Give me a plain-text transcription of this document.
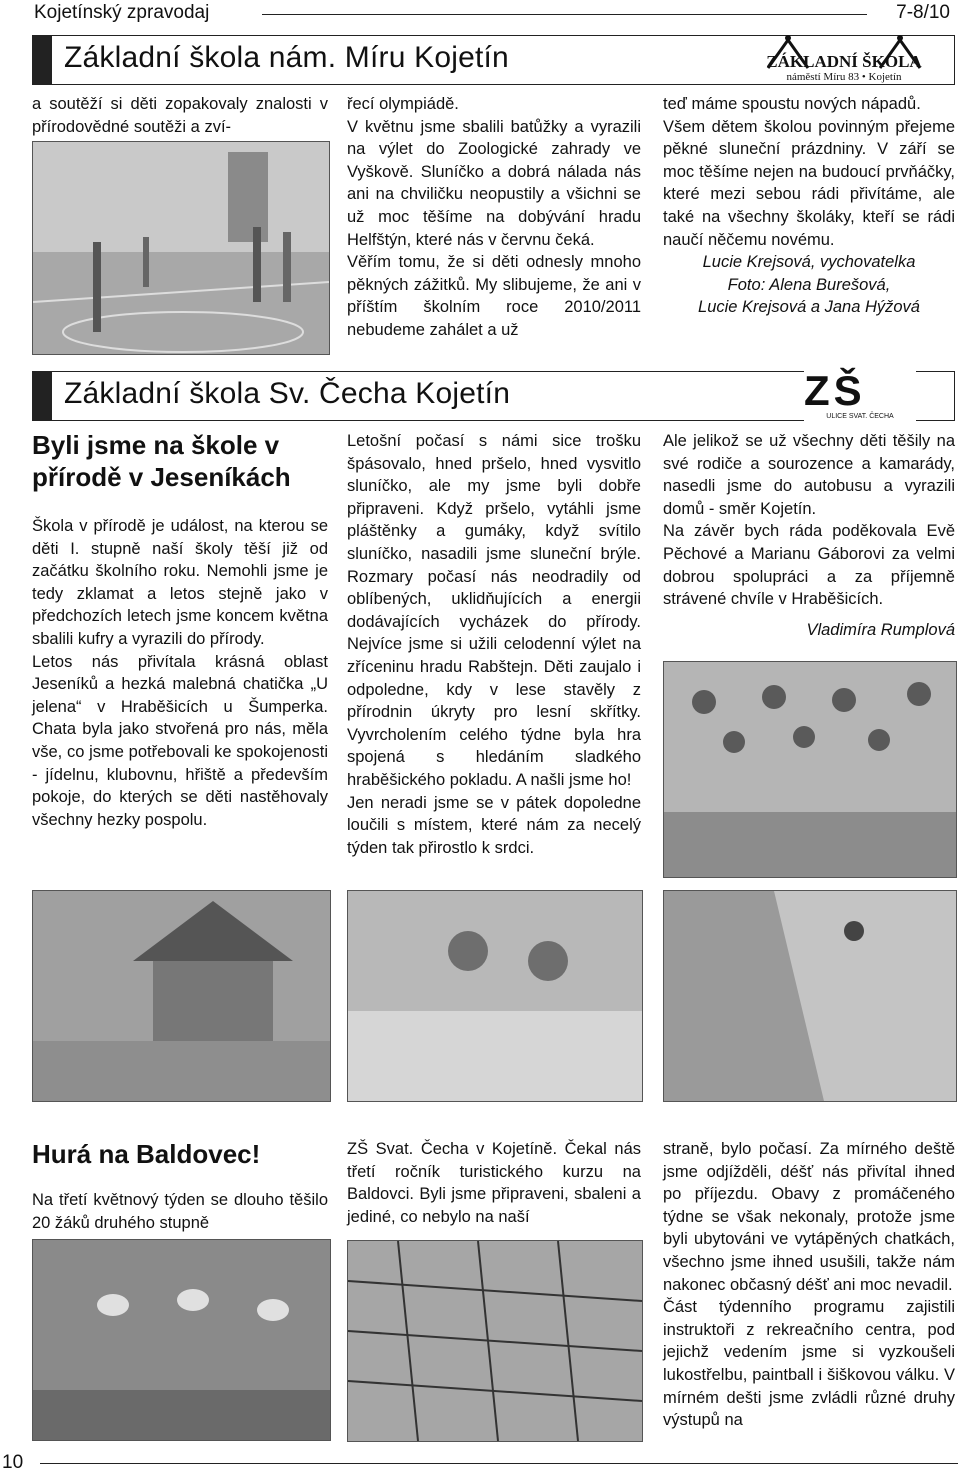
Kojetínský zpravodaj	7-8/10
Základní škola nám. Míru Kojetín	ZÁKLADNÍ ŠKOLA
náměstí Míru 83 • Kojetín

a soutěží si děti zopakovaly znalosti v přírodovědné soutěži a zví-

řecí olympiádě.

V květnu jsme sbalili batůžky a vyrazili na výlet do Zoologické zahrady ve Vyškově. Sluníčko a dobrá nálada nás ani na chviličku neopustily a všichni se už moc těšíme na dobývání hradu Helfštýn, které nás v červnu čeká.

Věřím tomu, že si děti odnesly mnoho pěkných zážitků. My slibujeme, že ani v příštím školním roce 2010/2011 nebudeme zahálet a už

teď máme spoustu nových nápadů.

Všem dětem školou povinným přejeme pěkné sluneční prázdniny. V září se moc těšíme nejen na budoucí prvňáčky, které mezi sebou rádi přivítáme, ale také na všechny školáky, kteří se rádi naučí něčemu novému.

Lucie Krejsová, vychovatelka

Foto: Alena Burešová,

Lucie Krejsová a Jana Hýžová

Základní škola Sv. Čecha Kojetín	ZŠ
ULICE SVAT. ČECHA
Byli jsme na škole v přírodě v Jeseníkách

Škola v přírodě je událost, na kterou se děti I. stupně naší školy těší již od začátku školního roku. Nemohli jsme je tedy zklamat a letos stejně jako v předchozích letech jsme koncem května sbalili kufry a vyrazili do přírody.

Letos nás přivítala krásná oblast Jeseníků a hezká malebná chatička „U jelena“ v Hraběšicích u Šumperka. Chata byla jako stvořená pro nás, měla vše, co jsme potřebovali ke spokojenosti - jídelnu, klubovnu, hřiště a především pokoje, do kterých se děti nastěhovaly všechny hezky pospolu.

Letošní počasí s námi sice trošku špásovalo, hned pršelo, hned vysvitlo sluníčko, ale my jsme byli dobře připraveni. Když pršelo, vytáhli jsme pláštěnky a gumáky, když svítilo sluníčko, nasadili jsme sluneční brýle. Rozmary počasí nás neodradily od oblíbených, uklidňujících a energii dodávajících vycházek do přírody. Nejvíce jsme si užili celodenní výlet na zříceninu hradu Rabštejn. Děti zaujalo i odpoledne, kdy v lese stavěly z přírodnin úkryty pro lesní skřítky. Vyvrcholením celého týdne byla hra spojená s hledáním sladkého hraběšického pokladu. A našli jsme ho!

Jen neradi jsme se v pátek dopoledne loučili s místem, které nám za necelý týden tak přirostlo k srdci.

Ale jelikož se už všechny děti těšily na své rodiče a sourozence a kamarády, nasedli jsme do autobusu a vyrazili domů - směr Kojetín.

Na závěr bych ráda poděkovala Evě Pěchové a Marianu Gáborovi za velmi dobrou spolupráci a za příjemně strávené chvíle v Hraběšicích.

Vladimíra Rumplová

Hurá na Baldovec!

Na třetí květnový týden se dlouho těšilo 20 žáků druhého stupně

ZŠ Svat. Čecha v Kojetíně. Čekal nás třetí ročník turistického kurzu na Baldovci. Byli jsme připraveni, sbaleni a jediné, co nebylo na naší

straně, bylo počasí. Za mírného deště jsme odjížděli, déšť nás přivítal ihned po příjezdu. Obavy z promáčeného týdne se však nekonaly, protože jsme byli ubytováni ve vytápěných chatkách, všechno jsme ihned usušili, takže nám nakonec občasný déšť ani moc nevadil.

Část týdenního programu zajistili instruktoři z rekreačního centra, pod jejichž vedením jsme si vyzkoušeli lukostřelbu, paintball i šiškovou válku. V mírném dešti jsme zvládli různé druhy výstupů na

10
